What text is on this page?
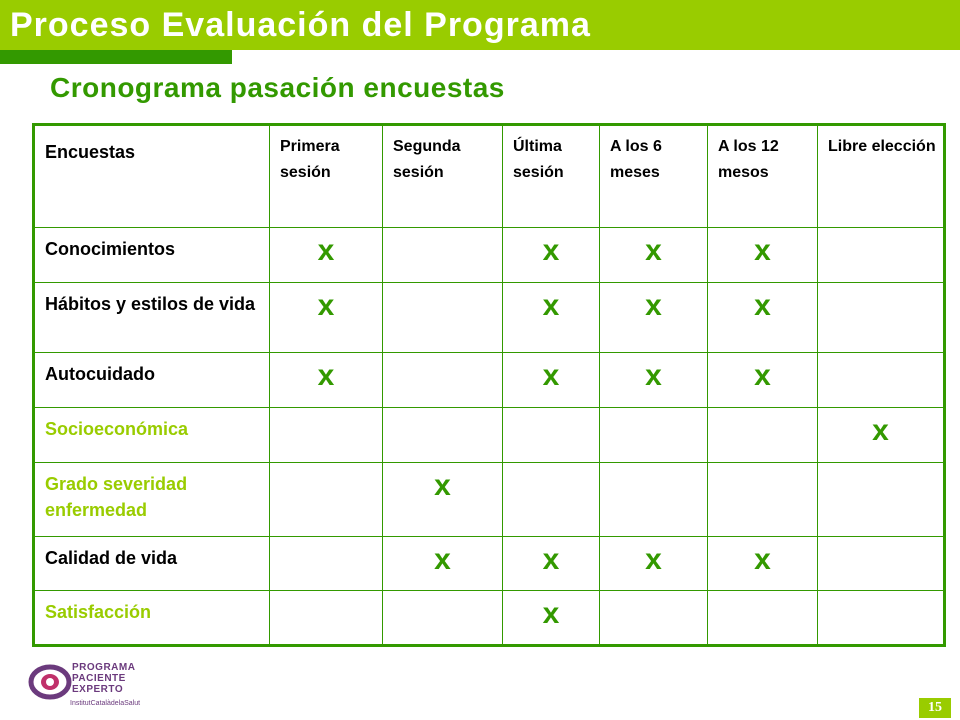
Proceso Evaluación del Programa
Cronograma pasación encuestas
Encuestas	Primera sesión	Segunda sesión	Última sesión	A los 6 meses	A los 12 mesos	Libre elección
Conocimientos	x		x	x	x	
Hábitos y estilos de vida	x		x	x	x	
Autocuidado	x		x	x	x	
Socioeconómica						x
Grado severidad enfermedad		x				
Calidad de vida		x	x	x	x	
Satisfacción			x			
PROGRAMA
PACIENTE
EXPERTO
InstitutCatalàdelaSalut	15
